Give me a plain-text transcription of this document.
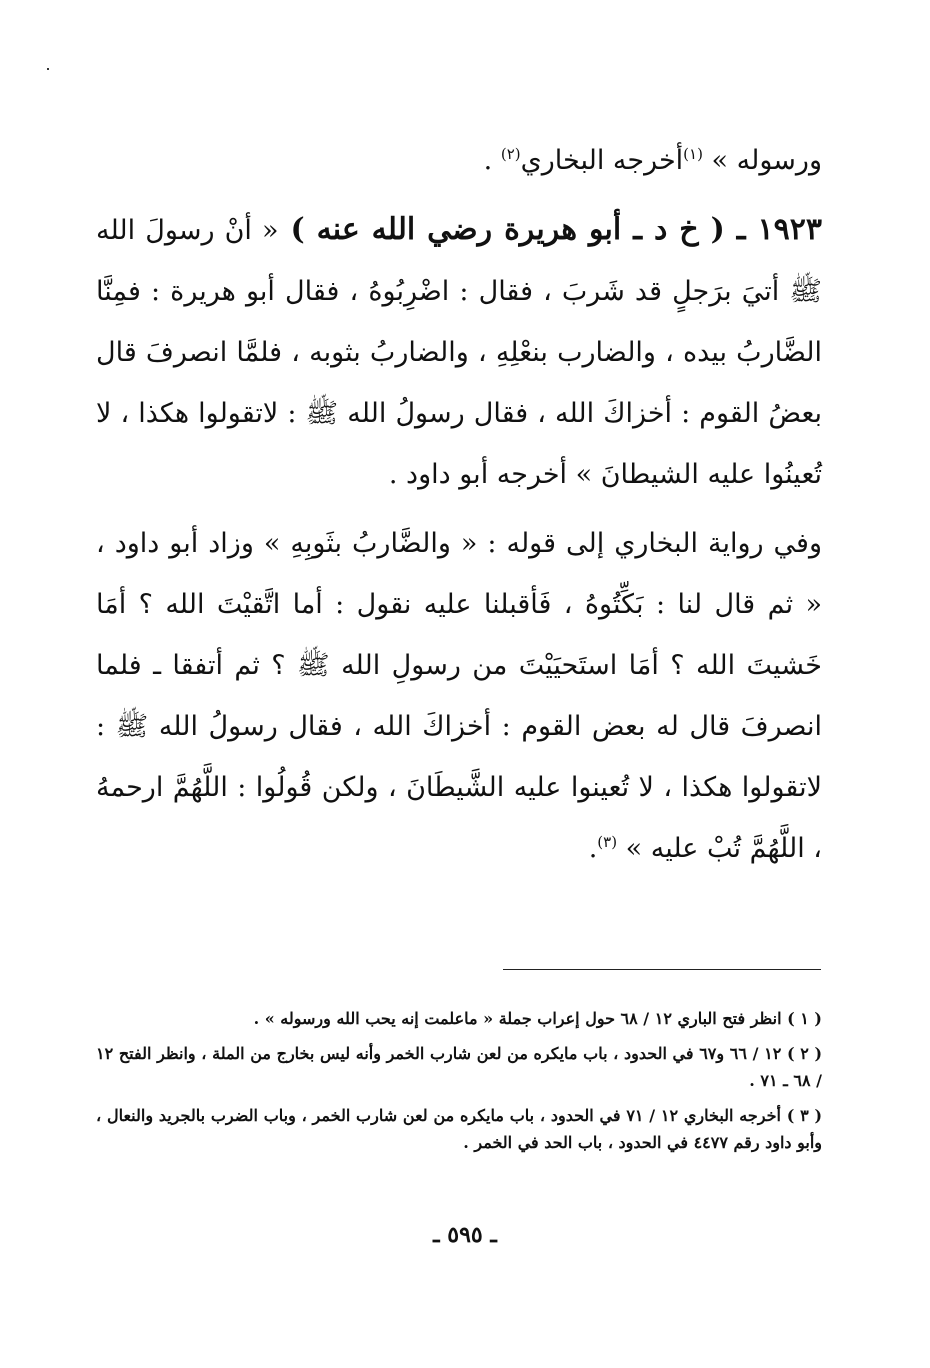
ورسوله » $^{(١)}$أخرجه البخاري$^{(٢)}$ .

١٩٢٣ ـ ( خ د ـ أبو هريرة رضي الله عنه ) « أنْ رسولَ الله ﷺ أتيَ برَجلٍ قد شَربَ ، فقال : اضْرِبُوهُ ، فقال أبو هريرة : فمِنَّا الضَّاربُ بيده ، والضارب بنعْلِهِ ، والضاربُ بثوبه ، فلمَّا انصرفَ قال بعضُ القوم : أخزاكَ الله ، فقال رسولُ الله ﷺ : لاتقولوا هكذا ، لا تُعينُوا عليه الشيطانَ » أخرجه أبو داود .

وفي رواية البخاري إلى قوله : « والضَّاربُ بثَوبِهِ » وزاد أبو داود ، « ثم قال لنا : بَكِّتُوهُ ، فَأقبلنا عليه نقول : أما اتَّقيْتَ الله ؟ أمَا خَشيتَ الله ؟ أمَا استَحيَيْتَ من رسولِ الله ﷺ ؟ ثم أتفقا ـ فلما انصرفَ قال له بعض القوم : أخزاكَ الله ، فقال رسولُ الله ﷺ : لاتقولوا هكذا ، لا تُعينوا عليه الشَّيطَانَ ، ولكن قُولُوا : اللَّهُمَّ ارحمهُ ، اللَّهُمَّ تُبْ عليه » $^{(٣)}$.

( ١ ) انظر فتح الباري ١٢ / ٦٨ حول إعراب جملة « ماعلمت إنه يحب الله ورسوله » .

( ٢ ) ١٢ / ٦٦ و٦٧ في الحدود ، باب مايكره من لعن شارب الخمر وأنه ليس بخارج من الملة ، وانظر الفتح ١٢ / ٦٨ ـ ٧١ .

( ٣ ) أخرجه البخاري ١٢ / ٧١ في الحدود ، باب مايكره من لعن شارب الخمر ، وباب الضرب بالجريد والنعال ، وأبو داود رقم ٤٤٧٧ في الحدود ، باب الحد في الخمر .

ـ ٥٩٥ ـ
